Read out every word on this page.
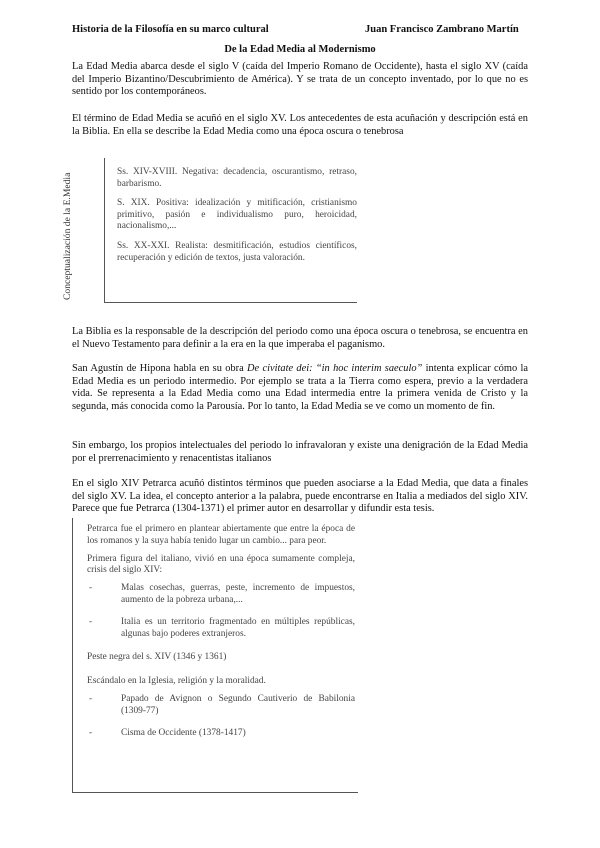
Historia de la Filosofía en su marco cultural	Juan Francisco Zambrano Martín
De la Edad Media al Modernismo

La Edad Media abarca desde el siglo V (caída del Imperio Romano de Occidente), hasta el siglo XV (caída del Imperio Bizantino/Descubrimiento de América). Y se trata de un concepto inventado, por lo que no es sentido por los contemporáneos.

El término de Edad Media se acuñó en el siglo XV. Los antecedentes de esta acuñación y descripción está en la Biblia. En ella se describe la Edad Media como una época oscura o tenebrosa

Conceptualización de la E.Media

Ss. XIV-XVIII. Negativa: decadencia, oscurantismo, retraso, barbarismo.

S. XIX. Positiva: idealización y mitificación, cristianismo primitivo, pasión e individualismo puro, heroicidad, nacionalismo,...

Ss. XX-XXI. Realista: desmitificación, estudios científicos, recuperación y edición de textos, justa valoración.

La Biblia es la responsable de la descripción del periodo como una época oscura o tenebrosa, se encuentra en el Nuevo Testamento para definir a la era en la que imperaba el paganismo.

San Agustín de Hipona habla en su obra De civitate dei: “in hoc interim saeculo” intenta explicar cómo la Edad Media es un periodo intermedio. Por ejemplo se trata a la Tierra como espera, previo a la verdadera vida. Se representa a la Edad Media como una Edad intermedia entre la primera venida de Cristo y la segunda, más conocida como la Parousía. Por lo tanto, la Edad Media se ve como un momento de fin.

Sin embargo, los propios intelectuales del periodo lo infravaloran y existe una denigración de la Edad Media por el prerrenacimiento y renacentistas italianos

En el siglo XIV Petrarca acuñó distintos términos que pueden asociarse a la Edad Media, que data a finales del siglo XV. La idea, el concepto anterior a la palabra, puede encontrarse en Italia a mediados del siglo XIV. Parece que fue Petrarca (1304-1371) el primer autor en desarrollar y difundir esta tesis.

Petrarca fue el primero en plantear abiertamente que entre la época de los romanos y la suya había tenido lugar un cambio... para peor.

Primera figura del italiano, vivió en una época sumamente compleja, crisis del siglo XIV:

-	Malas cosechas, guerras, peste, incremento de impuestos, aumento de la pobreza urbana,...
-	Italia es un territorio fragmentado en múltiples repúblicas, algunas bajo poderes extranjeros.

Peste negra del s. XIV (1346 y 1361)

Escándalo en la Iglesia, religión y la moralidad.

-	Papado de Avignon o Segundo Cautiverio de Babilonia (1309-77)
-	Cisma de Occidente (1378-1417)
